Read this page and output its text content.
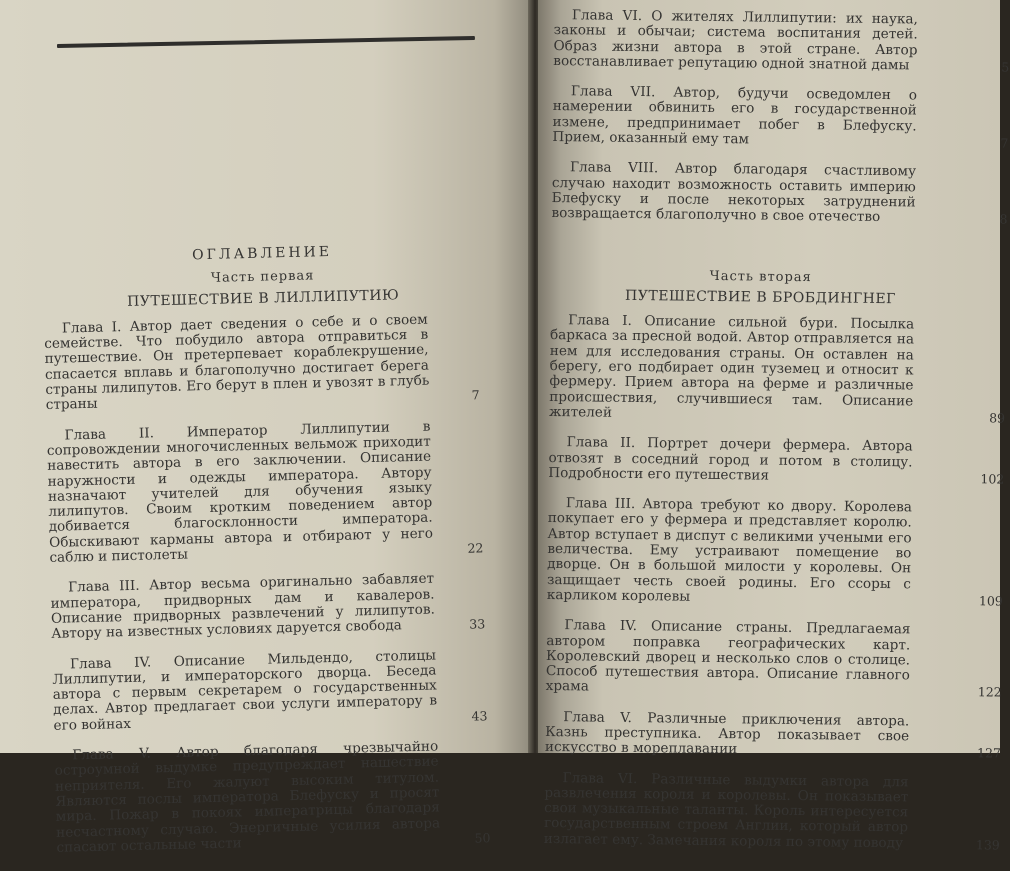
ОГЛАВЛЕНИЕ

Часть первая

ПУТЕШЕСТВИЕ В ЛИЛЛИПУТИЮ

Глава I. Автор дает сведения о себе и о своем семействе. Что побудило автора отправиться в путешествие. Он претерпевает кораблекрушение, спасается вплавь и благополучно достигает берега страны лилипутов. Его берут в плен и увозят в глубь страны
7
Глава II. Император Лиллипутии в сопровождении многочисленных вельмож приходит навестить автора в его заключении. Описание наружности и одежды императора. Автору назначают учителей для обучения языку лилипутов. Своим кротким поведением автор добивается благосклонности императора. Обыскивают карманы автора и отбирают у него саблю и пистолеты	22
Глава III. Автор весьма оригинально забавляет императора, придворных дам и кавалеров. Описание придворных развлечений у лилипутов. Автору на известных условиях даруется свобода	33
Глава IV. Описание Мильдендо, столицы Лиллипутии, и императорского дворца. Беседа автора с первым секретарем о государственных делах. Автор предлагает свои услуги императору в его войнах
43
Глава V. Автор благодаря чрезвычайно остроумной выдумке предупреждает нашествие неприятеля. Его жалуют высоким титулом. Являются послы императора Блефуску и просят мира. Пожар в покоях императрицы благодаря несчастному случаю. Энергичные усилия автора спасают остальные части	50
Глава VI. О жителях Лиллипутии: их наука, законы и обычаи; система воспитания детей. Образ жизни автора в этой стране. Автор восстанавливает репутацию одной знатной дамы	5
Глава VII. Автор, будучи осведомлен о намерении обвинить его в государственной измене, предпринимает побег в Блефуску. Прием, оказанный ему там	7
Глава VIII. Автор благодаря счастливому случаю находит возможность оставить империю Блефуску и после некоторых затруднений возвращается благополучно в свое отечество	8

Часть вторая

ПУТЕШЕСТВИЕ В БРОБДИНГНЕГ

Глава I. Описание сильной бури. Посылка баркаса за пресной водой. Автор отправляется на нем для исследования страны. Он оставлен на берегу, его подбирает один туземец и относит к фермеру. Прием автора на ферме и различные происшествия, случившиеся там. Описание жителей	89
Глава II. Портрет дочери фермера. Автора отвозят в соседний город и потом в столицу. Подробности его путешествия	102
Глава III. Автора требуют ко двору. Королева покупает его у фермера и представляет королю. Автор вступает в диспут с великими учеными его величества. Ему устраивают помещение во дворце. Он в большой милости у королевы. Он защищает честь своей родины. Его ссоры с карликом королевы	109
Глава IV. Описание страны. Предлагаемая автором поправка географических карт. Королевский дворец и несколько слов о столице. Способ путешествия автора. Описание главного храма	122
Глава V. Различные приключения автора. Казнь преступника. Автор показывает свое искусство в мореплавании	127
Глава VI. Различные выдумки автора для развлечения короля и королевы. Он показывает свои музыкальные таланты. Король интересуется государственным строем Англии, который автор излагает ему. Замечания короля по этому поводу	139
